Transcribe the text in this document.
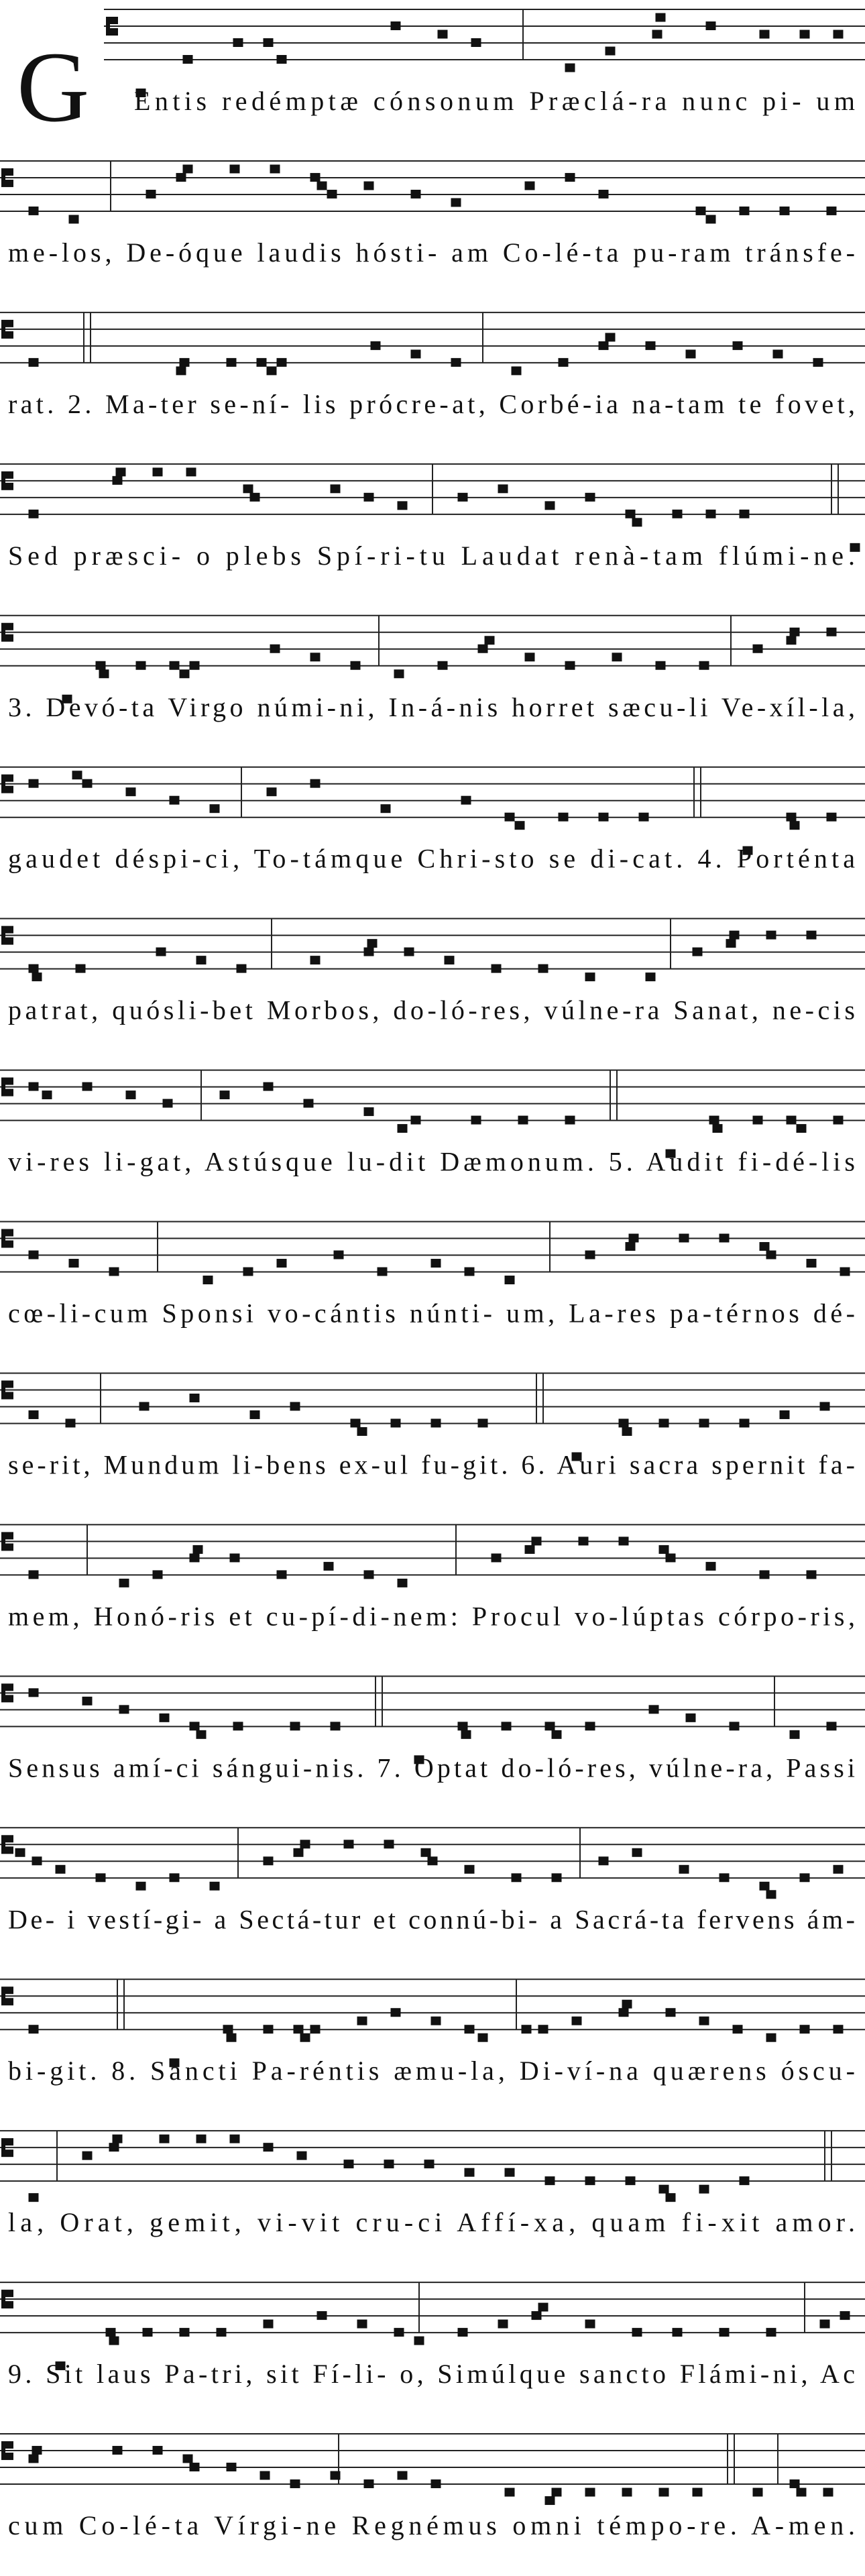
G Entis redémptæ cónsonum Præclá-ra nunc pi- um
me-los, De-óque laudis hósti- am Co-lé-ta pu-ram tránsfe-
rat. 2. Ma-ter se-ní- lis prócre-at, Corbé-ia na-tam te fovet,
Sed præsci- o plebs Spí-ri-tu Laudat renà-tam flúmi-ne.
3. Devó-ta Virgo númi-ni, In-á-nis horret sæcu-li Ve-xíl-la,
gaudet déspi-ci, To-támque Chri-sto se di-cat. 4. Porténta
patrat, quósli-bet Morbos, do-ló-res, vúlne-ra Sanat, ne-cis
vi-res li-gat, Astúsque lu-dit Dæmonum. 5. Audit fi-dé-lis
cœ-li-cum Sponsi vo-cántis núnti- um, La-res pa-térnos dé-
se-rit, Mundum li-bens ex-ul fu-git. 6. Auri sacra spernit fa-
mem, Honó-ris et cu-pí-di-nem: Procul vo-lúptas córpo-ris,
Sensus amí-ci sángui-nis. 7. Optat do-ló-res, vúlne-ra, Passi
De- i vestí-gi- a Sectá-tur et connú-bi- a Sacrá-ta fervens ám-
bi-git. 8. Sancti Pa-réntis æmu-la, Di-ví-na quærens óscu-
la, Orat, gemit, vi-vit cru-ci Affí-xa, quam fi-xit amor.
9. Sit laus Pa-tri, sit Fí-li- o, Simúlque sancto Flámi-ni, Ac
cum Co-lé-ta Vírgi-ne Regnémus omni témpo-re. A-men.
